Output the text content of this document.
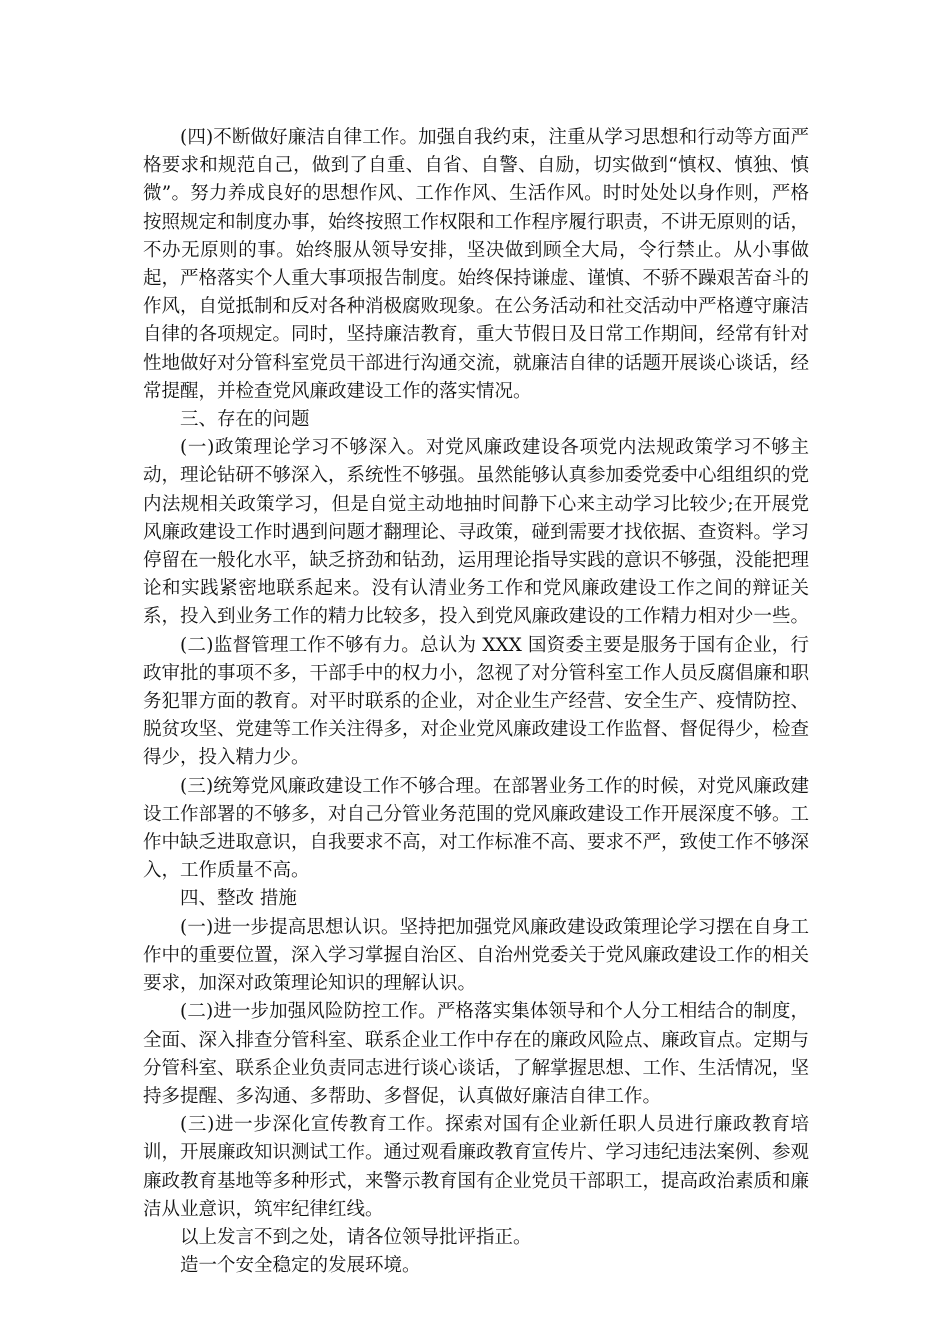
(四)不断做好廉洁自律工作。加强自我约束，注重从学习思想和行动等方面严格要求和规范自己，做到了自重、自省、自警、自励，切实做到“慎权、慎独、慎微”。努力养成良好的思想作风、工作作风、生活作风。时时处处以身作则，严格按照规定和制度办事，始终按照工作权限和工作程序履行职责，不讲无原则的话，不办无原则的事。始终服从领导安排，坚决做到顾全大局，令行禁止。从小事做起，严格落实个人重大事项报告制度。始终保持谦虚、谨慎、不骄不躁艰苦奋斗的作风，自觉抵制和反对各种消极腐败现象。在公务活动和社交活动中严格遵守廉洁自律的各项规定。同时，坚持廉洁教育，重大节假日及日常工作期间，经常有针对性地做好对分管科室党员干部进行沟通交流，就廉洁自律的话题开展谈心谈话，经常提醒，并检查党风廉政建设工作的落实情况。

三、存在的问题

(一)政策理论学习不够深入。对党风廉政建设各项党内法规政策学习不够主动，理论钻研不够深入，系统性不够强。虽然能够认真参加委党委中心组组织的党内法规相关政策学习，但是自觉主动地抽时间静下心来主动学习比较少;在开展党风廉政建设工作时遇到问题才翻理论、寻政策，碰到需要才找依据、查资料。学习停留在一般化水平，缺乏挤劲和钻劲，运用理论指导实践的意识不够强，没能把理论和实践紧密地联系起来。没有认清业务工作和党风廉政建设工作之间的辩证关系，投入到业务工作的精力比较多，投入到党风廉政建设的工作精力相对少一些。

(二)监督管理工作不够有力。总认为 XXX 国资委主要是服务于国有企业，行政审批的事项不多，干部手中的权力小，忽视了对分管科室工作人员反腐倡廉和职务犯罪方面的教育。对平时联系的企业，对企业生产经营、安全生产、疫情防控、脱贫攻坚、党建等工作关注得多，对企业党风廉政建设工作监督、督促得少，检查得少，投入精力少。

(三)统筹党风廉政建设工作不够合理。在部署业务工作的时候，对党风廉政建设工作部署的不够多，对自己分管业务范围的党风廉政建设工作开展深度不够。工作中缺乏进取意识，自我要求不高，对工作标准不高、要求不严，致使工作不够深入，工作质量不高。

四、整改 措施

(一)进一步提高思想认识。坚持把加强党风廉政建设政策理论学习摆在自身工作中的重要位置，深入学习掌握自治区、自治州党委关于党风廉政建设工作的相关要求，加深对政策理论知识的理解认识。

(二)进一步加强风险防控工作。严格落实集体领导和个人分工相结合的制度，全面、深入排查分管科室、联系企业工作中存在的廉政风险点、廉政盲点。定期与分管科室、联系企业负责同志进行谈心谈话，了解掌握思想、工作、生活情况，坚持多提醒、多沟通、多帮助、多督促，认真做好廉洁自律工作。

(三)进一步深化宣传教育工作。探索对国有企业新任职人员进行廉政教育培训，开展廉政知识测试工作。通过观看廉政教育宣传片、学习违纪违法案例、参观廉政教育基地等多种形式，来警示教育国有企业党员干部职工，提高政治素质和廉洁从业意识，筑牢纪律红线。

以上发言不到之处，请各位领导批评指正。

造一个安全稳定的发展环境。
